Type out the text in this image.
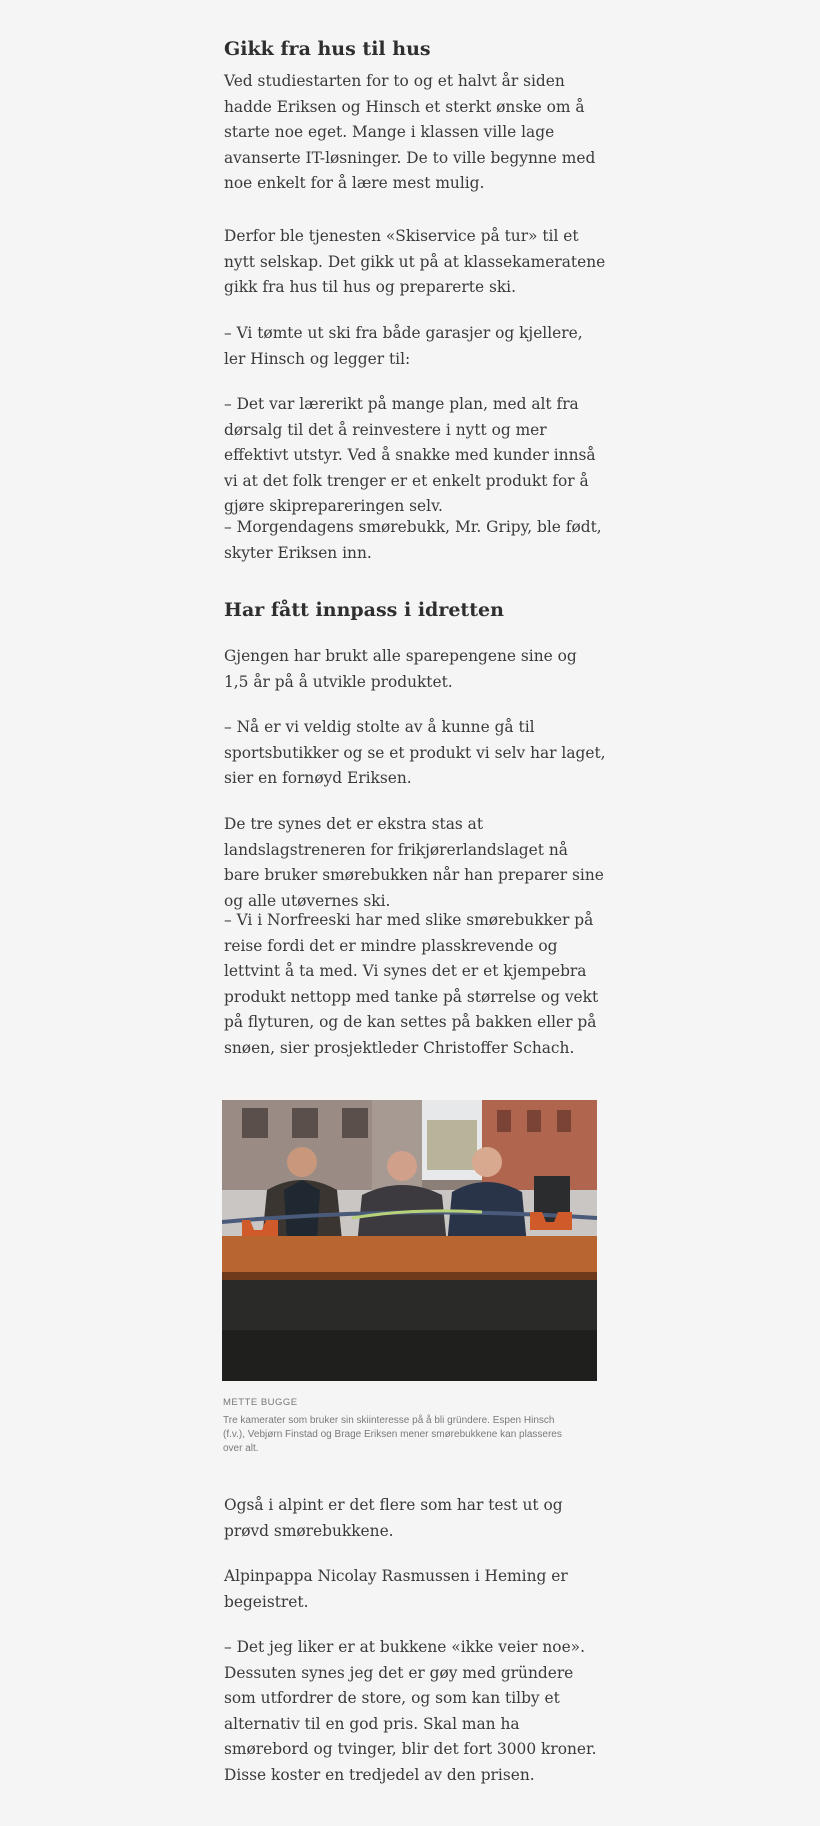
Gikk fra hus til hus

Ved studiestarten for to og et halvt år siden hadde Eriksen og Hinsch et sterkt ønske om å starte noe eget. Mange i klassen ville lage avanserte IT-løsninger. De to ville begynne med noe enkelt for å lære mest mulig.

Derfor ble tjenesten «Skiservice på tur» til et nytt selskap. Det gikk ut på at klassekameratene gikk fra hus til hus og preparerte ski.

– Vi tømte ut ski fra både garasjer og kjellere, ler Hinsch og legger til:

– Det var lærerikt på mange plan, med alt fra dørsalg til det å reinvestere i nytt og mer effektivt utstyr. Ved å snakke med kunder innså vi at det folk trenger er et enkelt produkt for å gjøre skiprepareringen selv.

– Morgendagens smørebukk, Mr. Gripy, ble født, skyter Eriksen inn.

Har fått innpass i idretten

Gjengen har brukt alle sparepengene sine og 1,5 år på å utvikle produktet.

– Nå er vi veldig stolte av å kunne gå til sportsbutikker og se et produkt vi selv har laget, sier en fornøyd Eriksen.

De tre synes det er ekstra stas at landslagstreneren for frikjørerlandslaget nå bare bruker smørebukken når han preparer sine og alle utøvernes ski.

– Vi i Norfreeski har med slike smørebukker på reise fordi det er mindre plasskrevende og lettvint å ta med. Vi synes det er et kjempebra produkt nettopp med tanke på størrelse og vekt på flyturen, og de kan settes på bakken eller på snøen, sier prosjektleder Christoffer Schach.

Også i alpint er det flere som har test ut og prøvd smørebukkene.

Alpinpappa Nicolay Rasmussen i Heming er begeistret.

– Det jeg liker er at bukkene «ikke veier noe». Dessuten synes jeg det er gøy med gründere som utfordrer de store, og som kan tilby et alternativ til en god pris. Skal man ha smørebord og tvinger, blir det fort 3000 kroner. Disse koster en tredjedel av den prisen.

METTE BUGGE
Tre kamerater som bruker sin skiinteresse på å bli gründere. Espen Hinsch (f.v.), Vebjørn Finstad og Brage Eriksen mener smørebukkene kan plasseres over alt.
